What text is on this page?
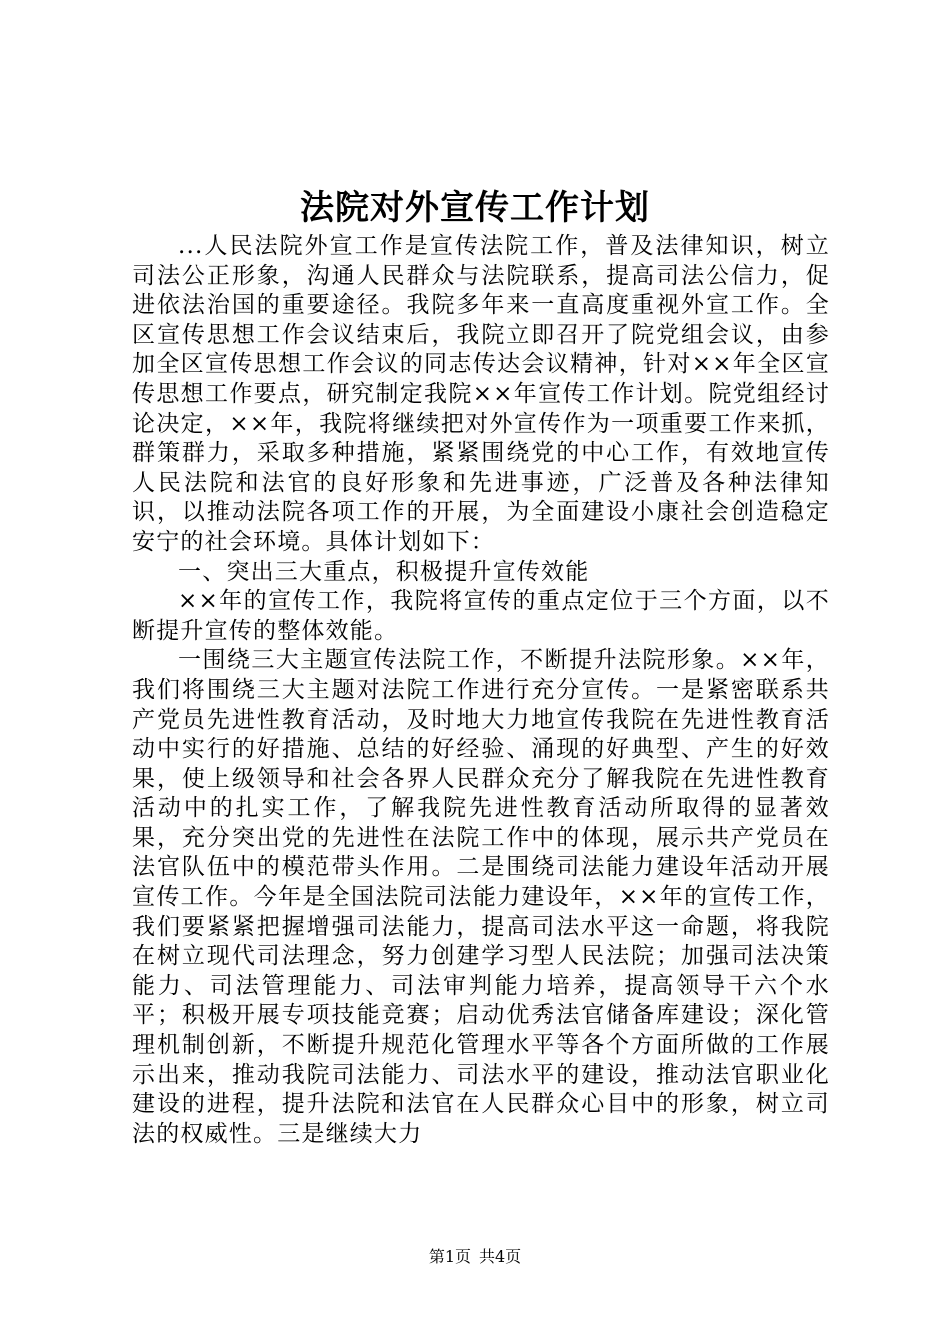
法院对外宣传工作计划

...人民法院外宣工作是宣传法院工作，普及法律知识，树立司法公正形象，沟通人民群众与法院联系，提高司法公信力，促进依法治国的重要途径。我院多年来一直高度重视外宣工作。全区宣传思想工作会议结束后，我院立即召开了院党组会议，由参加全区宣传思想工作会议的同志传达会议精神，针对××年全区宣传思想工作要点，研究制定我院××年宣传工作计划。院党组经讨论决定，××年，我院将继续把对外宣传作为一项重要工作来抓，群策群力，采取多种措施，紧紧围绕党的中心工作，有效地宣传人民法院和法官的良好形象和先进事迹，广泛普及各种法律知识，以推动法院各项工作的开展，为全面建设小康社会创造稳定安宁的社会环境。具体计划如下：

一、突出三大重点，积极提升宣传效能

××年的宣传工作，我院将宣传的重点定位于三个方面，以不断提升宣传的整体效能。

一围绕三大主题宣传法院工作，不断提升法院形象。××年，我们将围绕三大主题对法院工作进行充分宣传。一是紧密联系共产党员先进性教育活动，及时地大力地宣传我院在先进性教育活动中实行的好措施、总结的好经验、涌现的好典型、产生的好效果，使上级领导和社会各界人民群众充分了解我院在先进性教育活动中的扎实工作，了解我院先进性教育活动所取得的显著效果，充分突出党的先进性在法院工作中的体现，展示共产党员在法官队伍中的模范带头作用。二是围绕司法能力建设年活动开展宣传工作。今年是全国法院司法能力建设年，××年的宣传工作，我们要紧紧把握增强司法能力，提高司法水平这一命题，将我院在树立现代司法理念，努力创建学习型人民法院；加强司法决策能力、司法管理能力、司法审判能力培养，提高领导干六个水平；积极开展专项技能竞赛；启动优秀法官储备库建设；深化管理机制创新，不断提升规范化管理水平等各个方面所做的工作展示出来，推动我院司法能力、司法水平的建设，推动法官职业化建设的进程，提升法院和法官在人民群众心目中的形象，树立司法的权威性。三是继续大力

第1页 共4页
